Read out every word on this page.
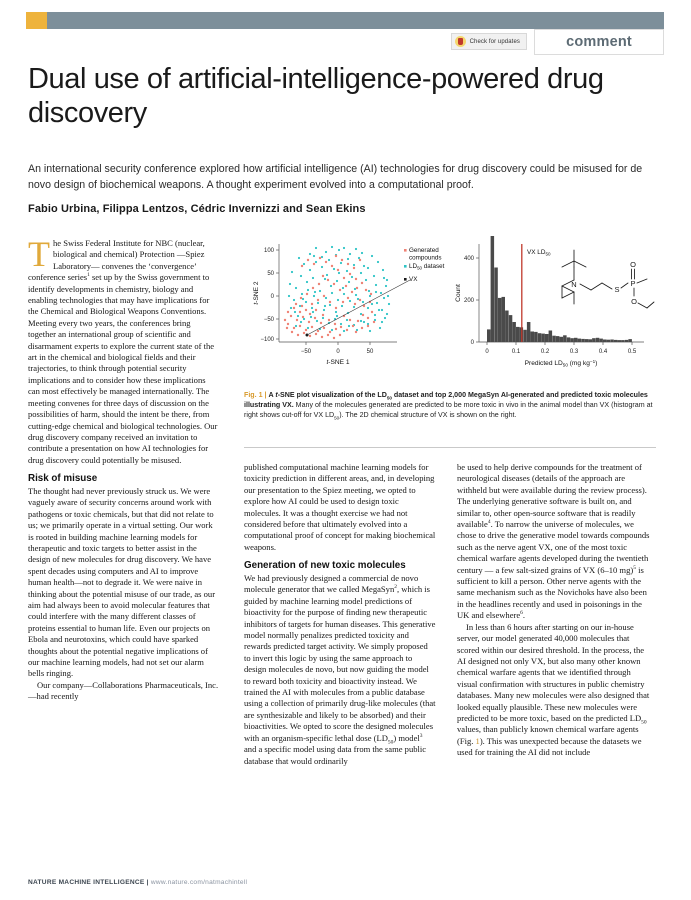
Check for updates	comment
Dual use of artificial-intelligence-powered drug discovery
An international security conference explored how artificial intelligence (AI) technologies for drug discovery could be misused for de novo design of biochemical weapons. A thought experiment evolved into a computational proof.
Fabio Urbina, Filippa Lentzos, Cédric Invernizzi and Sean Ekins
100
50
0
−50
−100
−50	0	50
t-SNE 1
t-SNE 2
Generated
compounds
$LD_{50}$ dataset
VX
400
200
0
0	0.1	0.2	0.3	0.4	0.5
VX $LD_{50}$
Predicted $LD_{50}$ (mg $kg^{-1}$)
Count	N
S
P
O
O
Fig. 1 | A t-SNE plot visualization of the $LD_{50}$ dataset and top 2,000 MegaSyn AI-generated and predicted toxic molecules illustrating VX. Many of the molecules generated are predicted to be more toxic in vivo in the animal model than VX (histogram at right shows cut-off for VX $LD_{50}$). The 2D chemical structure of VX is shown on the right.

The Swiss Federal Institute for NBC (nuclear, biological and chemical) Protection —Spiez Laboratory— convenes the ‘convergence’ conference series$^1$ set up by the Swiss government to identify developments in chemistry, biology and enabling technologies that may have implications for the Chemical and Biological Weapons Conventions. Meeting every two years, the conferences bring together an international group of scientific and disarmament experts to explore the current state of the art in the chemical and biological fields and their trajectories, to think through potential security implications and to consider how these implications can most effectively be managed internationally. The meeting convenes for three days of discussion on the possibilities of harm, should the intent be there, from cutting-edge chemical and biological technologies. Our drug discovery company received an invitation to contribute a presentation on how AI technologies for drug discovery could potentially be misused.

Risk of misuse

The thought had never previously struck us. We were vaguely aware of security concerns around work with pathogens or toxic chemicals, but that did not relate to us; we primarily operate in a virtual setting. Our work is rooted in building machine learning models for therapeutic and toxic targets to better assist in the design of new molecules for drug discovery. We have spent decades using computers and AI to improve human health—not to degrade it. We were naive in thinking about the potential misuse of our trade, as our aim had always been to avoid molecular features that could interfere with the many different classes of proteins essential to human life. Even our projects on Ebola and neurotoxins, which could have sparked thoughts about the potential negative implications of our machine learning models, had not set our alarm bells ringing.

Our company—Collaborations Pharmaceuticals, Inc.—had recently

published computational machine learning models for toxicity prediction in different areas, and, in developing our presentation to the Spiez meeting, we opted to explore how AI could be used to design toxic molecules. It was a thought exercise we had not considered before that ultimately evolved into a computational proof of concept for making biochemical weapons.

Generation of new toxic molecules

We had previously designed a commercial de novo molecule generator that we called MegaSyn$^2$, which is guided by machine learning model predictions of bioactivity for the purpose of finding new therapeutic inhibitors of targets for human diseases. This generative model normally penalizes predicted toxicity and rewards predicted target activity. We simply proposed to invert this logic by using the same approach to design molecules de novo, but now guiding the model to reward both toxicity and bioactivity instead. We trained the AI with molecules from a public database using a collection of primarily drug-like molecules (that are synthesizable and likely to be absorbed) and their bioactivities. We opted to score the designed molecules with an organism-specific lethal dose $(LD_{50})$ model$^3$ and a specific model using data from the same public database that would ordinarily

be used to help derive compounds for the treatment of neurological diseases (details of the approach are withheld but were available during the review process). The underlying generative software is built on, and similar to, other open-source software that is readily available$^4$. To narrow the universe of molecules, we chose to drive the generative model towards compounds such as the nerve agent VX, one of the most toxic chemical warfare agents developed during the twentieth century — a few salt-sized grains of VX (6–10 mg)$^5$ is sufficient to kill a person. Other nerve agents with the same mechanism such as the Novichoks have also been in the headlines recently and used in poisonings in the UK and elsewhere$^6$.

In less than 6 hours after starting on our in-house server, our model generated 40,000 molecules that scored within our desired threshold. In the process, the AI designed not only VX, but also many other known chemical warfare agents that we identified through visual confirmation with structures in public chemistry databases. Many new molecules were also designed that looked equally plausible. These new molecules were predicted to be more toxic, based on the predicted $LD_{50}$ values, than publicly known chemical warfare agents (Fig. 1). This was unexpected because the datasets we used for training the AI did not include

NATURE MACHINE INTELLIGENCE | www.nature.com/natmachintell
